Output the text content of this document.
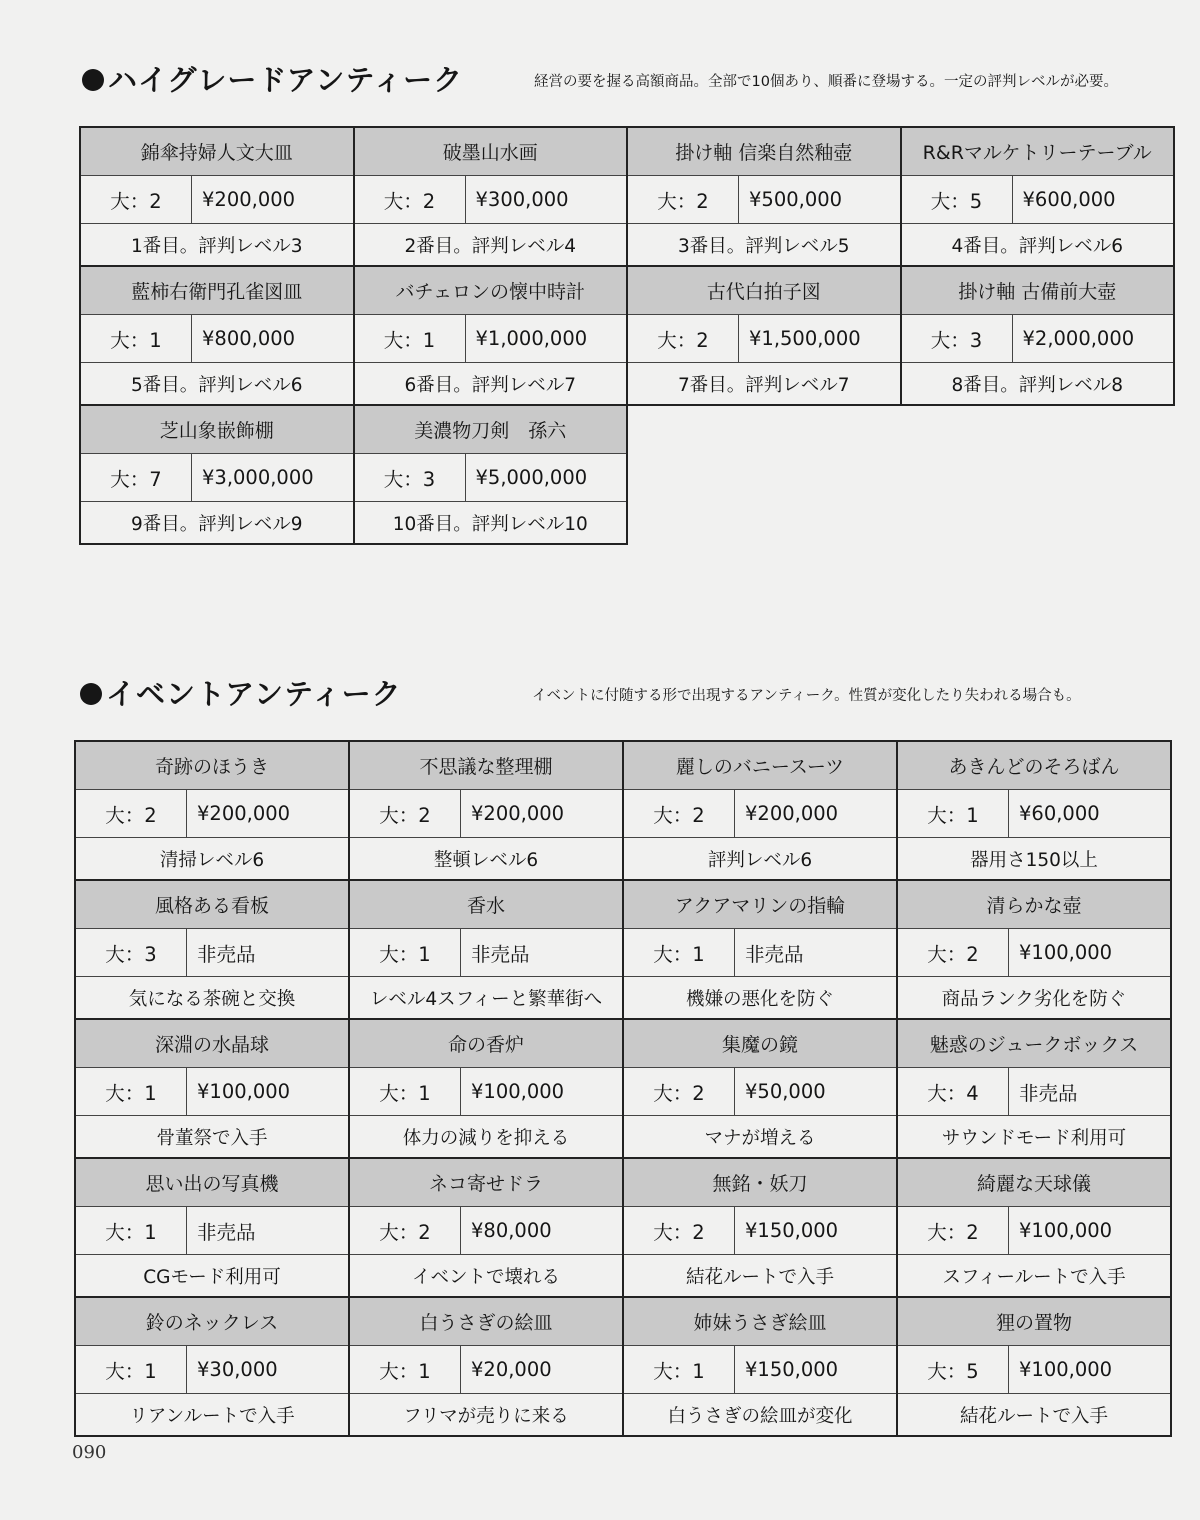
ハイグレードアンティーク	経営の要を握る高額商品。全部で10個あり、順番に登場する。一定の評判レベルが必要。
錦傘持婦人文大皿
大：2	¥200,000
1番目。評判レベル3
破墨山水画
大：2	¥300,000
2番目。評判レベル4
掛け軸 信楽自然釉壺
大：2	¥500,000
3番目。評判レベル5
R&Rマルケトリーテーブル
大：5	¥600,000
4番目。評判レベル6
藍柿右衛門孔雀図皿
大：1	¥800,000
5番目。評判レベル6
バチェロンの懐中時計
大：1	¥1,000,000
6番目。評判レベル7
古代白拍子図
大：2	¥1,500,000
7番目。評判レベル7
掛け軸 古備前大壺
大：3	¥2,000,000
8番目。評判レベル8
芝山象嵌飾棚
大：7	¥3,000,000
9番目。評判レベル9
美濃物刀剣　孫六
大：3	¥5,000,000
10番目。評判レベル10
イベントアンティーク	イベントに付随する形で出現するアンティーク。性質が変化したり失われる場合も。
奇跡のほうき
大：2	¥200,000
清掃レベル6
不思議な整理棚
大：2	¥200,000
整頓レベル6
麗しのバニースーツ
大：2	¥200,000
評判レベル6
あきんどのそろばん
大：1	¥60,000
器用さ150以上
風格ある看板
大：3	非売品
気になる茶碗と交換
香水
大：1	非売品
レベル4スフィーと繁華街へ
アクアマリンの指輪
大：1	非売品
機嫌の悪化を防ぐ
清らかな壺
大：2	¥100,000
商品ランク劣化を防ぐ
深淵の水晶球
大：1	¥100,000
骨董祭で入手
命の香炉
大：1	¥100,000
体力の減りを抑える
集魔の鏡
大：2	¥50,000
マナが増える
魅惑のジュークボックス
大：4	非売品
サウンドモード利用可
思い出の写真機
大：1	非売品
CGモード利用可
ネコ寄せドラ
大：2	¥80,000
イベントで壊れる
無銘・妖刀
大：2	¥150,000
結花ルートで入手
綺麗な天球儀
大：2	¥100,000
スフィールートで入手
鈴のネックレス
大：1	¥30,000
リアンルートで入手
白うさぎの絵皿
大：1	¥20,000
フリマが売りに来る
姉妹うさぎ絵皿
大：1	¥150,000
白うさぎの絵皿が変化
狸の置物
大：5	¥100,000
結花ルートで入手
090
